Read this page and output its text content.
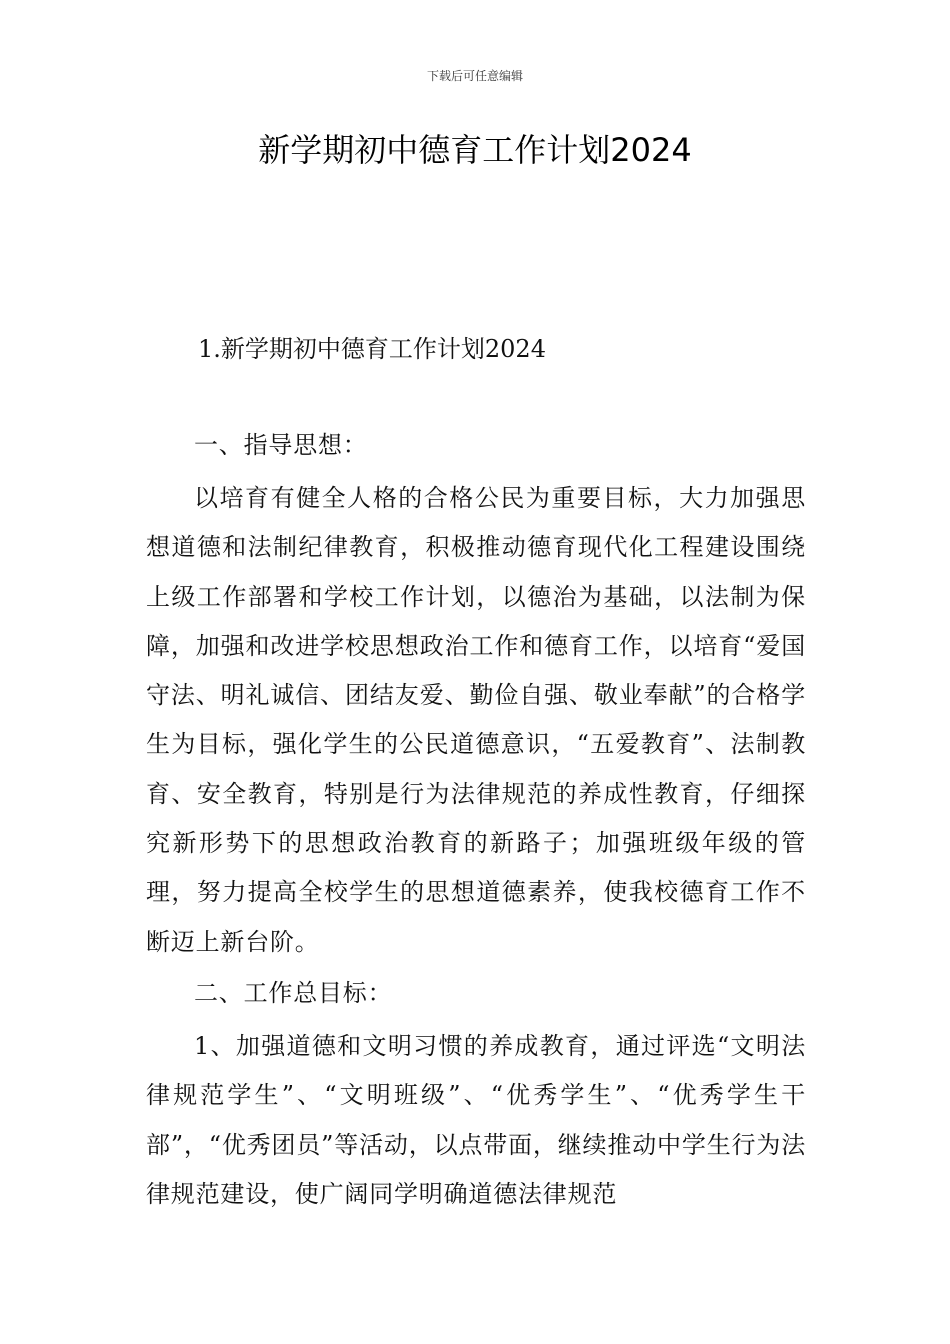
下载后可任意编辑
新学期初中德育工作计划2024

1.新学期初中德育工作计划2024

一、指导思想：

以培育有健全人格的合格公民为重要目标，大力加强思想道德和法制纪律教育，积极推动德育现代化工程建设围绕上级工作部署和学校工作计划，以德治为基础，以法制为保障，加强和改进学校思想政治工作和德育工作，以培育“爱国守法、明礼诚信、团结友爱、勤俭自强、敬业奉献”的合格学生为目标，强化学生的公民道德意识，“五爱教育”、法制教育、安全教育，特别是行为法律规范的养成性教育，仔细探究新形势下的思想政治教育的新路子；加强班级年级的管理，努力提高全校学生的思想道德素养，使我校德育工作不断迈上新台阶。

二、工作总目标：

1、加强道德和文明习惯的养成教育，通过评选“文明法律规范学生”、“文明班级”、“优秀学生”、“优秀学生干部”，“优秀团员”等活动，以点带面，继续推动中学生行为法律规范建设，使广阔同学明确道德法律规范
